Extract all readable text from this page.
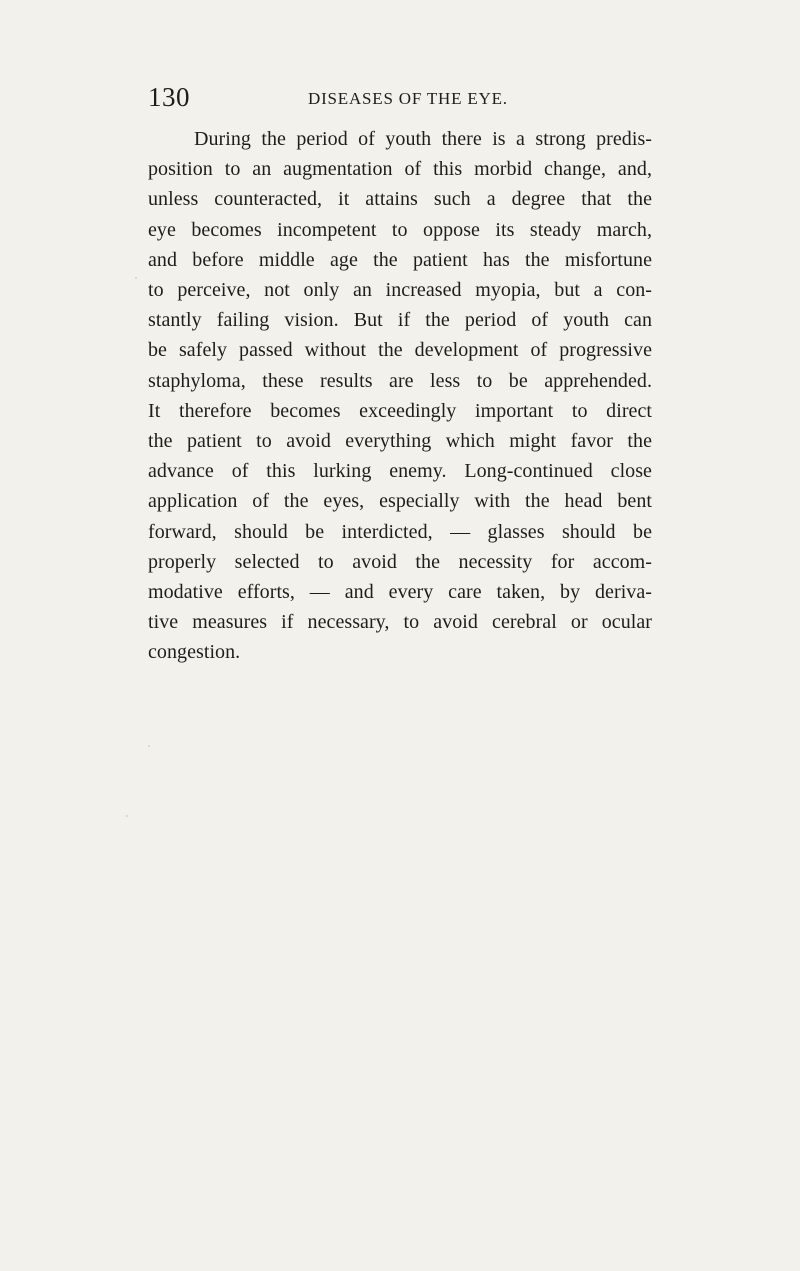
130	DISEASES OF THE EYE.

During the period of youth there is a strong predis-
position to an augmentation of this morbid change, and,
unless counteracted, it attains such a degree that the
eye becomes incompetent to oppose its steady march,
and before middle age the patient has the misfortune
to perceive, not only an increased myopia, but a con-
stantly failing vision. But if the period of youth can
be safely passed without the development of progressive
staphyloma, these results are less to be apprehended.
It therefore becomes exceedingly important to direct
the patient to avoid everything which might favor the
advance of this lurking enemy. Long-continued close
application of the eyes, especially with the head bent
forward, should be interdicted, — glasses should be
properly selected to avoid the necessity for accom-
modative efforts, — and every care taken, by deriva-
tive measures if necessary, to avoid cerebral or ocular
congestion.
